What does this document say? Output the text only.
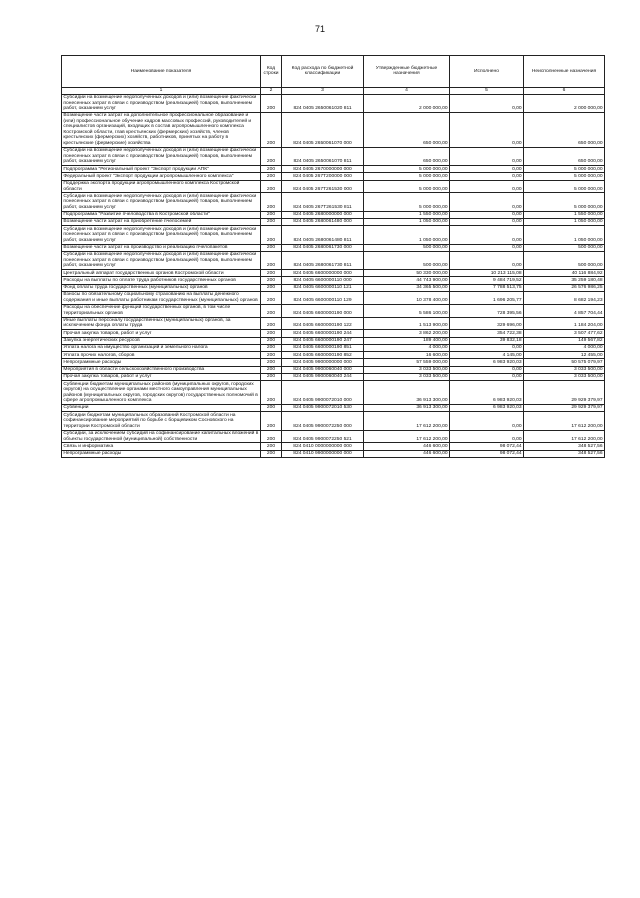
71
Наименование показателя	Код строки	Код расхода по бюджетной классификации	Утвержденные бюджетные назначения	Исполнено	Неисполненные назначения
1	2	3	4	5	6
Субсидии на возмещение недополученных доходов и (или) возмещение фактически понесенных затрат в связи с производством (реализацией) товаров, выполнением работ, оказанием услуг	200	824 0405 2650061020 811	2 000 000,00	0,00	2 000 000,00
Возмещение части затрат на дополнительное профессиональное образование и (или) профессиональное обучение кадров массовых профессий, руководителей и специалистов организаций, входящих в состав агропромышленного комплекса Костромской области, глав крестьянских (фермерских) хозяйств, членов крестьянских (фермерских) хозяйств, работников, принятых на работу в крестьянские (фермерские) хозяйства	200	824 0405 2650061070 000	650 000,00	0,00	650 000,00
Субсидии на возмещение недополученных доходов и (или) возмещение фактически понесенных затрат в связи с производством (реализацией) товаров, выполнением работ, оказанием услуг	200	824 0405 2650061070 811	650 000,00	0,00	650 000,00
Подпрограмма "Региональный проект "Экспорт продукции АПК"	200	824 0405 2670000000 000	5 000 000,00	0,00	5 000 000,00
Федеральный проект "Экспорт продукции агропромышленного комплекса"	200	824 0405 267Т200000 000	5 000 000,00	0,00	5 000 000,00
Поддержка экспорта продукции агропромышленного комплекса Костромской области	200	824 0405 267Т261530 000	5 000 000,00	0,00	5 000 000,00
Субсидии на возмещение недополученных доходов и (или) возмещение фактически понесенных затрат в связи с производством (реализацией) товаров, выполнением работ, оказанием услуг	200	824 0405 267Т261530 811	5 000 000,00	0,00	5 000 000,00
Подпрограмма "Развитие пчеловодства в Костромской области"	200	824 0405 2680000000 000	1 550 000,00	0,00	1 550 000,00
Возмещение части затрат на приобретение пчелосемей	200	824 0405 2680061480 000	1 050 000,00	0,00	1 050 000,00
Субсидии на возмещение недополученных доходов и (или) возмещение фактически понесенных затрат в связи с производством (реализацией) товаров, выполнением работ, оказанием услуг	200	824 0405 2680061480 811	1 050 000,00	0,00	1 050 000,00
Возмещение части затрат на производство и реализацию пчелопакетов	200	824 0405 2680061730 000	500 000,00	0,00	500 000,00
Субсидии на возмещение недополученных доходов и (или) возмещение фактически понесенных затрат в связи с производством (реализацией) товаров, выполнением работ, оказанием услуг	200	824 0405 2680061730 811	500 000,00	0,00	500 000,00
Центральный аппарат государственных органов Костромской области	200	824 0405 6600000000 000	50 330 000,00	10 213 115,08	40 116 884,92
Расходы на выплаты по оплате труда работников государственных органов	200	824 0405 6600000110 000	44 743 900,00	9 484 719,52	35 259 180,48
Фонд оплаты труда государственных (муниципальных) органов	200	824 0405 6600000110 121	34 365 500,00	7 788 513,75	26 576 986,25
Взносы по обязательному социальному страхованию на выплаты денежного содержания и иные выплаты работникам государственных (муниципальных) органов	200	824 0405 6600000110 129	10 378 400,00	1 696 205,77	8 682 194,23
Расходы на обеспечение функций государственных органов, в том числе территориальных органов	200	824 0405 6600000190 000	5 586 100,00	728 395,56	4 857 704,44
Иные выплаты персоналу государственных (муниципальных) органов, за исключением фонда оплаты труда	200	824 0405 6600000190 122	1 513 900,00	329 696,00	1 184 204,00
Прочая закупка товаров, работ и услуг	200	824 0405 6600000190 244	3 862 200,00	354 722,38	3 507 477,62
Закупка энергетических ресурсов	200	824 0405 6600000190 247	189 400,00	39 832,18	149 567,82
Уплата налога на имущество организаций и земельного налога	200	824 0405 6600000190 851	4 000,00	0,00	4 000,00
Уплата прочих налогов, сборов	200	824 0405 6600000190 852	16 600,00	4 145,00	12 455,00
Непрограммные расходы	200	824 0405 9900000000 000	57 559 000,00	6 983 920,03	50 575 079,97
Мероприятия в области сельскохозяйственного производства	200	824 0405 9900060040 000	3 033 500,00	0,00	3 033 500,00
Прочая закупка товаров, работ и услуг	200	824 0405 9900060040 244	3 033 500,00	0,00	3 033 500,00
Субвенции бюджетам муниципальных районов (муниципальных округов, городских округов) на осуществление органами местного самоуправления муниципальных районов (муниципальных округов, городских округов) государственных полномочий в сфере агропромышленного комплекса	200	824 0405 9900072010 000	36 913 300,00	6 983 920,03	29 929 379,97
Субвенции	200	824 0405 9900072010 530	36 913 300,00	6 983 920,03	29 929 379,97
Субсидии бюджетам муниципальных образований Костромской области на софинансирование мероприятий по борьбе с борщевиком Сосновского на территории Костромской области	200	824 0405 9900072250 000	17 612 200,00	0,00	17 612 200,00
Субсидии, за исключением субсидий на софинансирование капитальных вложений в объекты государственной (муниципальной) собственности	200	824 0405 9900072250 521	17 612 200,00	0,00	17 612 200,00
Связь и информатика	200	824 0410 0000000000 000	446 600,00	98 072,44	348 527,56
Непрограммные расходы	200	824 0410 9900000000 000	446 600,00	98 072,44	348 527,56
